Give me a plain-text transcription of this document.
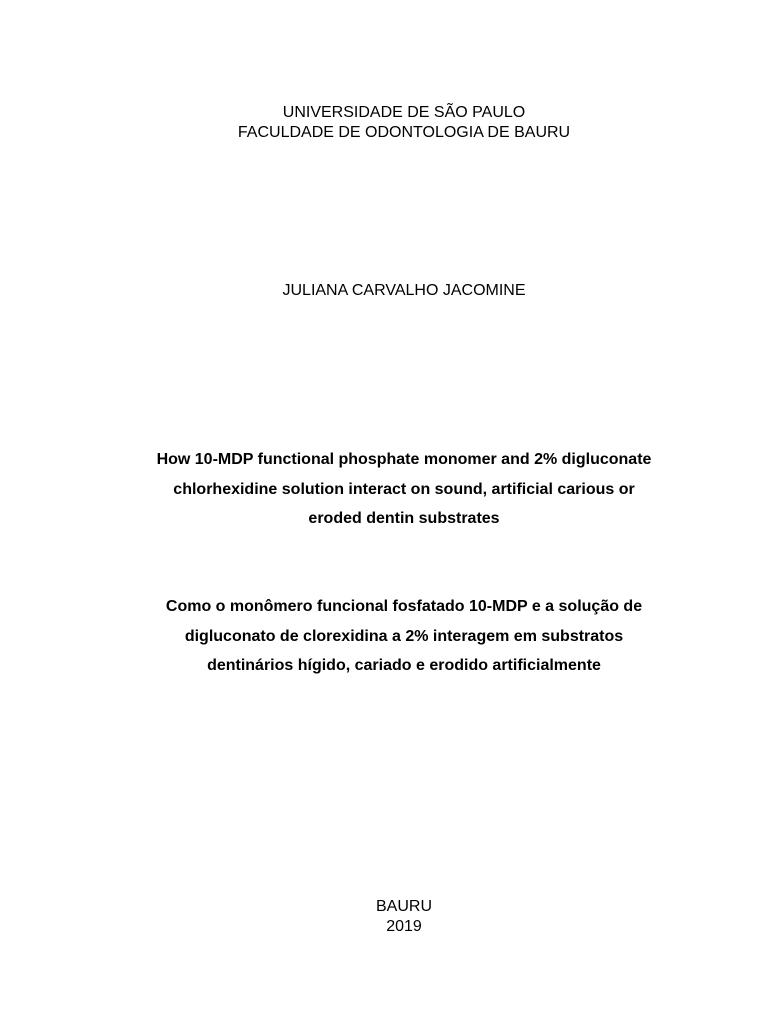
UNIVERSIDADE DE SÃO PAULO
FACULDADE DE ODONTOLOGIA DE BAURU
JULIANA CARVALHO JACOMINE
How 10-MDP functional phosphate monomer and 2% digluconate
chlorhexidine solution interact on sound, artificial carious or
eroded dentin substrates
Como o monômero funcional fosfatado 10-MDP e a solução de
digluconato de clorexidina a 2% interagem em substratos
dentinários hígido, cariado e erodido artificialmente
BAURU
2019
